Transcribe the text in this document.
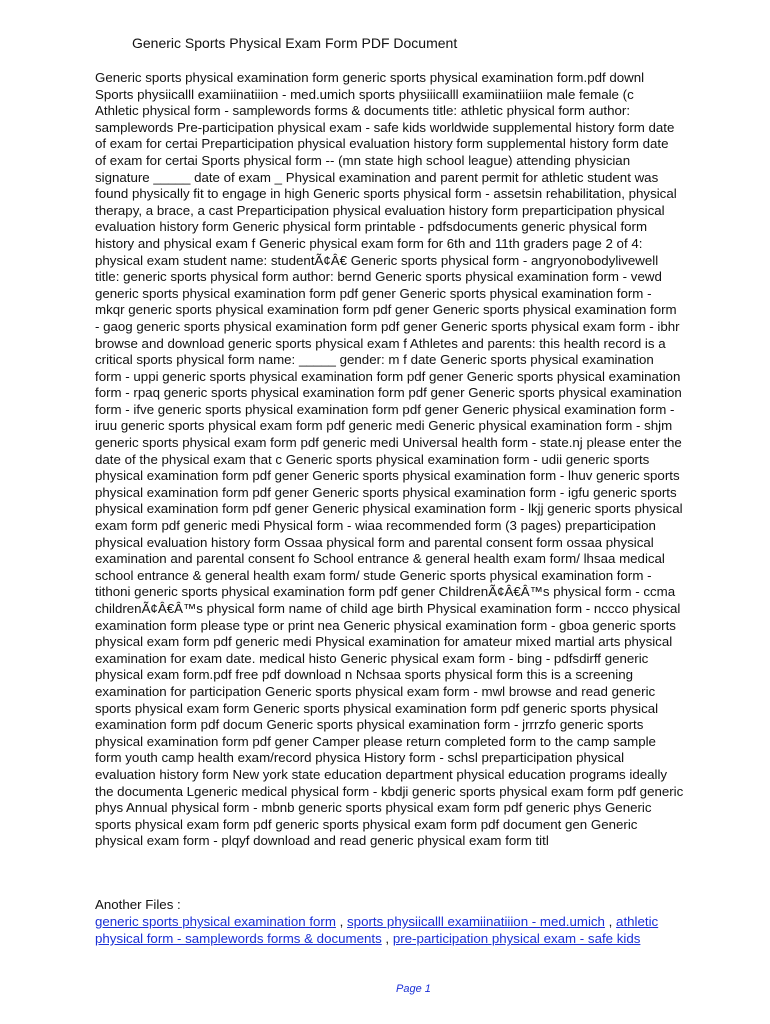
Generic Sports Physical Exam Form PDF Document
Generic sports physical examination form generic sports physical examination form.pdf downl
Sports physiicalll examiinatiiion - med.umich sports physiiicalll examiinatiiion male female (c
Athletic physical form - samplewords forms & documents title: athletic physical form author:
samplewords Pre-participation physical exam - safe kids worldwide supplemental history form date
of exam for certai Preparticipation physical evaluation history form supplemental history form date
of exam for certai Sports physical form -- (mn state high school league) attending physician
signature _____ date of exam _ Physical examination and parent permit for athletic student was
found physically fit to engage in high Generic sports physical form - assetsin rehabilitation, physical
therapy, a brace, a cast Preparticipation physical evaluation history form preparticipation physical
evaluation history form Generic physical form printable - pdfsdocuments generic physical form
history and physical exam f Generic physical exam form for 6th and 11th graders page 2 of 4:
physical exam student name: studentÃ¢Â€ Generic sports physical form - angryonobodylivewell
title: generic sports physical form author: bernd Generic sports physical examination form - vewd
generic sports physical examination form pdf gener Generic sports physical examination form -
mkqr generic sports physical examination form pdf gener Generic sports physical examination form
- gaog generic sports physical examination form pdf gener Generic sports physical exam form - ibhr
browse and download generic sports physical exam f Athletes and parents: this health record is a
critical sports physical form name: _____ gender: m f date Generic sports physical examination
form - uppi generic sports physical examination form pdf gener Generic sports physical examination
form - rpaq generic sports physical examination form pdf gener Generic sports physical examination
form - ifve generic sports physical examination form pdf gener Generic physical examination form -
iruu generic sports physical exam form pdf generic medi Generic physical examination form - shjm
generic sports physical exam form pdf generic medi Universal health form - state.nj please enter the
date of the physical exam that c Generic sports physical examination form - udii generic sports
physical examination form pdf gener Generic sports physical examination form - lhuv generic sports
physical examination form pdf gener Generic sports physical examination form - igfu generic sports
physical examination form pdf gener Generic physical examination form - lkjj generic sports physical
exam form pdf generic medi Physical form - wiaa recommended form (3 pages) preparticipation
physical evaluation history form Ossaa physical form and parental consent form ossaa physical
examination and parental consent fo School entrance & general health exam form/ lhsaa medical
school entrance & general health exam form/ stude Generic sports physical examination form -
tithoni generic sports physical examination form pdf gener ChildrenÃ¢Â€Â™s physical form - ccma
childrenÃ¢Â€Â™s physical form name of child age birth Physical examination form - nccco physical
examination form please type or print nea Generic physical examination form - gboa generic sports
physical exam form pdf generic medi Physical examination for amateur mixed martial arts physical
examination for exam date. medical histo Generic physical exam form - bing - pdfsdirff generic
physical exam form.pdf free pdf download n Nchsaa sports physical form this is a screening
examination for participation Generic sports physical exam form - mwl browse and read generic
sports physical exam form Generic sports physical examination form pdf generic sports physical
examination form pdf docum Generic sports physical examination form - jrrrzfo generic sports
physical examination form pdf gener Camper please return completed form to the camp sample
form youth camp health exam/record physica History form - schsl preparticipation physical
evaluation history form New york state education department physical education programs ideally
the documenta Lgeneric medical physical form - kbdji generic sports physical exam form pdf generic
phys Annual physical form - mbnb generic sports physical exam form pdf generic phys Generic
sports physical exam form pdf generic sports physical exam form pdf document gen Generic
physical exam form - plqyf download and read generic physical exam form titl
Another Files :
generic sports physical examination form , sports physiicalll examiinatiiion - med.umich , athletic
physical form - samplewords forms & documents , pre-participation physical exam - safe kids
Page 1
